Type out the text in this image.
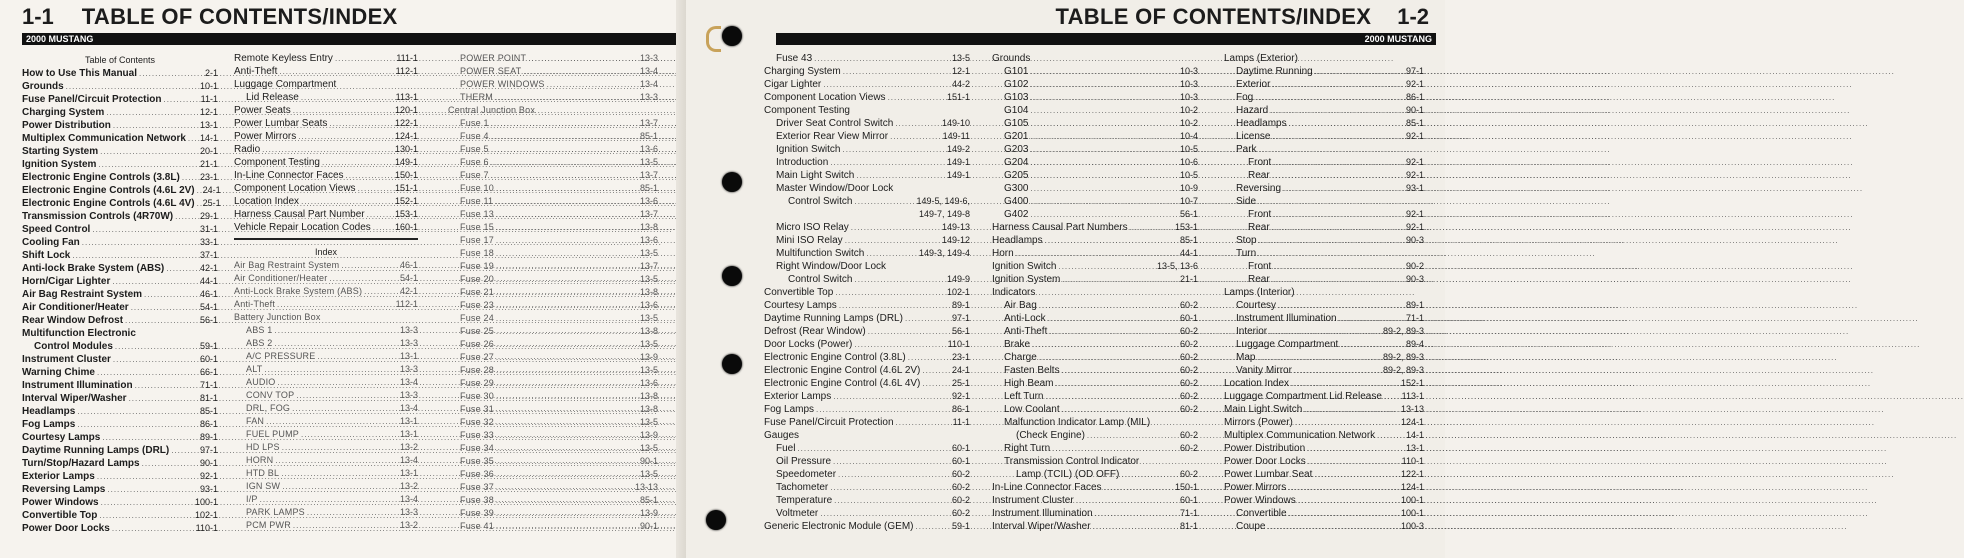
1-1 TABLE OF CONTENTS/INDEX
2000 MUSTANG
Table of Contents
How to Use This Manual .....	2-1
Grounds .....	10-1
Fuse Panel/Circuit Protection .....	11-1
Charging System .....	12-1
Power Distribution .....	13-1
Multiplex Communication Network ..... 14-1
Starting System .....	20-1
Ignition System .....	21-1
Electronic Engine Controls (3.8L) ..... 23-1
Electronic Engine Controls (4.6L 2V) ..... 24-1
Electronic Engine Controls (4.6L 4V) ..... 25-1
Transmission Controls (4R70W) .....	29-1
Speed Control .....	31-1
Cooling Fan .....	33-1
Shift Lock .....	37-1
Anti-lock Brake System (ABS) .....	42-1
Horn/Cigar Lighter .....	44-1
Air Bag Restraint System .....	46-1
Air Conditioner/Heater .....	54-1
Rear Window Defrost .....	56-1
Multifunction Electronic
Control Modules .....	59-1
Instrument Cluster .....	60-1
Warning Chime .....	66-1
Instrument Illumination .....	71-1
Interval Wiper/Washer .....	81-1
Headlamps .....	85-1
Fog Lamps .....	86-1
Courtesy Lamps .....	89-1
Daytime Running Lamps (DRL) .....	97-1
Turn/Stop/Hazard Lamps .....	90-1
Exterior Lamps .....	92-1
Reversing Lamps .....	93-1
Power Windows .....	100-1
Convertible Top .....	102-1
Power Door Locks .....	110-1
Remote Keyless Entry .....	111-1
Anti-Theft .....	112-1
Luggage Compartment
Lid Release .....	113-1
Power Seats .....	120-1
Power Lumbar Seats .....	122-1
Power Mirrors .....	124-1
Radio .....	130-1
Component Testing .....	149-1
In-Line Connector Faces .....	150-1
Component Location Views .....	151-1
Location Index .....	152-1
Harness Causal Part Number .....	153-1
Vehicle Repair Location Codes .....	160-1
Index
Air Bag Restraint System .....	46-1
Air Conditioner/Heater .....	54-1
Anti-Lock Brake System (ABS) .....	42-1
Anti-Theft .....	112-1
Battery Junction Box
ABS 1 .....	13-3
ABS 2 .....	13-3
A/C PRESSURE .....	13-1
ALT .....	13-3
AUDIO .....	13-4
CONV TOP .....	13-3
DRL, FOG .....	13-4
FAN .....	13-1
FUEL PUMP .....	13-1
HD LPS .....	13-2
HORN .....	13-4
HTD BL .....	13-1
IGN SW .....	13-2
I/P .....	13-4
PARK LAMPS .....	13-3
PCM PWR .....	13-2
POWER POINT .....	13-3
POWER SEAT .....	13-4
POWER WINDOWS .....	13-4
THERM .....	13-3
Central Junction Box
Fuse 1 .....	13-7
Fuse 4 .....	85-1
Fuse 5 .....	13-6
Fuse 6 .....	13-5
Fuse 7 .....	13-7
Fuse 10 .....	85-1
Fuse 11 .....	13-6
Fuse 13 .....	13-7
Fuse 15 .....	13-8
Fuse 17 .....	13-6
Fuse 18 .....	13-5
Fuse 19 .....	13-7
Fuse 20 .....	13-5
Fuse 21 .....	13-8
Fuse 23 .....	13-6
Fuse 24 .....	13-5
Fuse 25 .....	13-8
Fuse 26 .....	13-5
Fuse 27 .....	13-9
Fuse 28 .....	13-5
Fuse 29 .....	13-6
Fuse 30 .....	13-8
Fuse 31 .....	13-8
Fuse 32 .....	13-5
Fuse 33 .....	13-9
Fuse 34 .....	13-5
Fuse 35 .....	90-1
Fuse 36 .....	13-5
Fuse 37 .....	13-13
Fuse 38 .....	85-1
Fuse 39 .....	13-9
Fuse 41 .....	90-1
TABLE OF CONTENTS/INDEX 1-2
2000 MUSTANG
Fuse 43 .....	13-5
Charging System .....	12-1
Cigar Lighter .....	44-2
Component Location Views .....	151-1
Component Testing
Driver Seat Control Switch .....	149-10
Exterior Rear View Mirror .....	149-11
Ignition Switch .....	149-2
Introduction .....	149-1
Main Light Switch .....	149-1
Master Window/Door Lock
Control Switch .....	149-5, 149-6,
149-7, 149-8
Micro ISO Relay .....	149-13
Mini ISO Relay .....	149-12
Multifunction Switch .....	149-3, 149-4
Right Window/Door Lock
Control Switch .....	149-9
Convertible Top .....	102-1
Courtesy Lamps .....	89-1
Daytime Running Lamps (DRL) .....	97-1
Defrost (Rear Window) .....	56-1
Door Locks (Power) .....	110-1
Electronic Engine Control (3.8L) .....	23-1
Electronic Engine Control (4.6L 2V) .....	24-1
Electronic Engine Control (4.6L 4V) .....	25-1
Exterior Lamps .....	92-1
Fog Lamps .....	86-1
Fuse Panel/Circuit Protection .....	11-1
Gauges
Fuel .....	60-1
Oil Pressure .....	60-1
Speedometer .....	60-2
Tachometer .....	60-2
Temperature .....	60-2
Voltmeter .....	60-2
Generic Electronic Module (GEM) .....	59-1
Grounds
G101 .....	10-3
G102 .....	10-3
G103 .....	10-3
G104 .....	10-2
G105 .....	10-2
G201 .....	10-4
G203 .....	10-5
G204 .....	10-6
G205 .....	10-5
G300 .....	10-9
G400 .....	10-7
G402 .....	56-1
Harness Causal Part Numbers .....	153-1
Headlamps .....	85-1
Horn .....	44-1
Ignition Switch .....	13-5, 13-6
Ignition System .....	21-1
Indicators
Air Bag .....	60-2
Anti-Lock .....	60-1
Anti-Theft .....	60-2
Brake .....	60-2
Charge .....	60-2
Fasten Belts .....	60-2
High Beam .....	60-2
Left Turn .....	60-2
Low Coolant .....	60-2
Malfunction Indicator Lamp (MIL)
(Check Engine) .....	60-2
Right Turn .....	60-2
Transmission Control Indicator
Lamp (TCIL) (OD OFF) .....	60-2
In-Line Connector Faces .....	150-1
Instrument Cluster .....	60-1
Instrument Illumination .....	71-1
Interval Wiper/Washer .....	81-1
Lamps (Exterior)
Daytime Running .....	97-1
Exterior .....	92-1
Fog .....	86-1
Hazard .....	90-1
Headlamps .....	85-1
License .....	92-1
Park
Front .....	92-1
Rear .....	92-1
Reversing .....	93-1
Side
Front .....	92-1
Rear .....	92-1
Stop .....	90-3
Turn
Front .....	90-2
Rear .....	90-3
Lamps (Interior)
Courtesy .....	89-1
Instrument Illumination .....	71-1
Interior .....	89-2, 89-3
Luggage Compartment .....	89-4
Map .....	89-2, 89-3
Vanity Mirror .....	89-2, 89-3
Location Index .....	152-1
Luggage Compartment Lid Release ..... 113-1
Main Light Switch .....	13-13
Mirrors (Power) .....	124-1
Multiplex Communication Network .....	14-1
Power Distribution .....	13-1
Power Door Locks .....	110-1
Power Lumbar Seat .....	122-1
Power Mirrors .....	124-1
Power Windows .....	100-1
Convertible .....	100-1
Coupe .....	100-3
